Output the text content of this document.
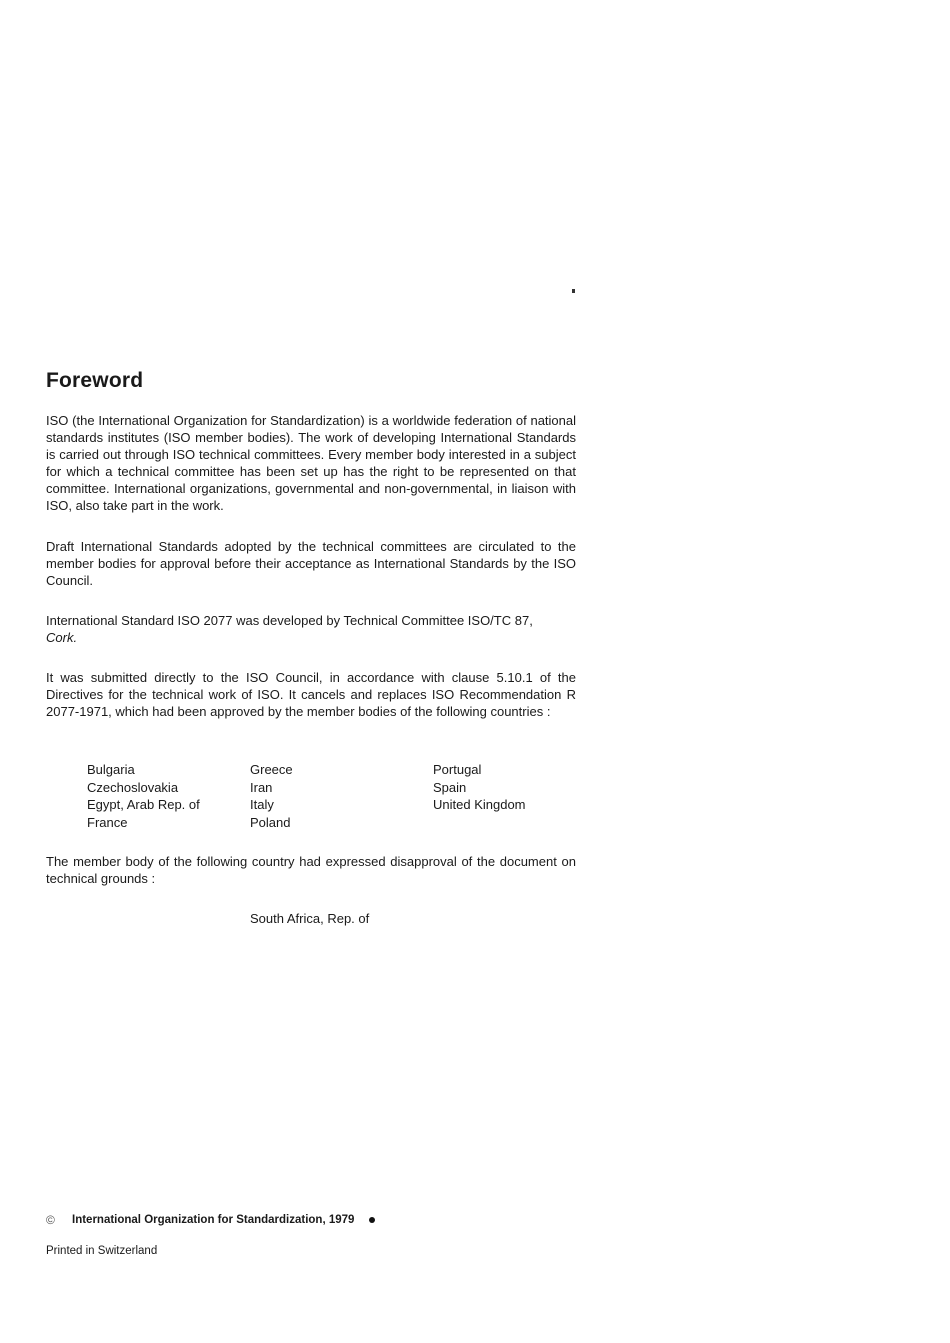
Foreword

ISO (the International Organization for Standardization) is a worldwide federation of national standards institutes (ISO member bodies). The work of developing International Standards is carried out through ISO technical committees. Every member body interested in a subject for which a technical committee has been set up has the right to be represented on that committee. International organizations, governmental and non-governmental, in liaison with ISO, also take part in the work.

Draft International Standards adopted by the technical committees are circulated to the member bodies for approval before their acceptance as International Standards by the ISO Council.

International Standard ISO 2077 was developed by Technical Committee ISO/TC 87,
Cork.

It was submitted directly to the ISO Council, in accordance with clause 5.10.1 of the Directives for the technical work of ISO. It cancels and replaces ISO Recommendation R 2077-1971, which had been approved by the member bodies of the following countries :

Bulgaria
Czechoslovakia
Egypt, Arab Rep. of
France
Greece
Iran
Italy
Poland
Portugal
Spain
United Kingdom

The member body of the following country had expressed disapproval of the document on technical grounds :

South Africa, Rep. of
©	International Organization for Standardization, 1979
Printed in Switzerland
